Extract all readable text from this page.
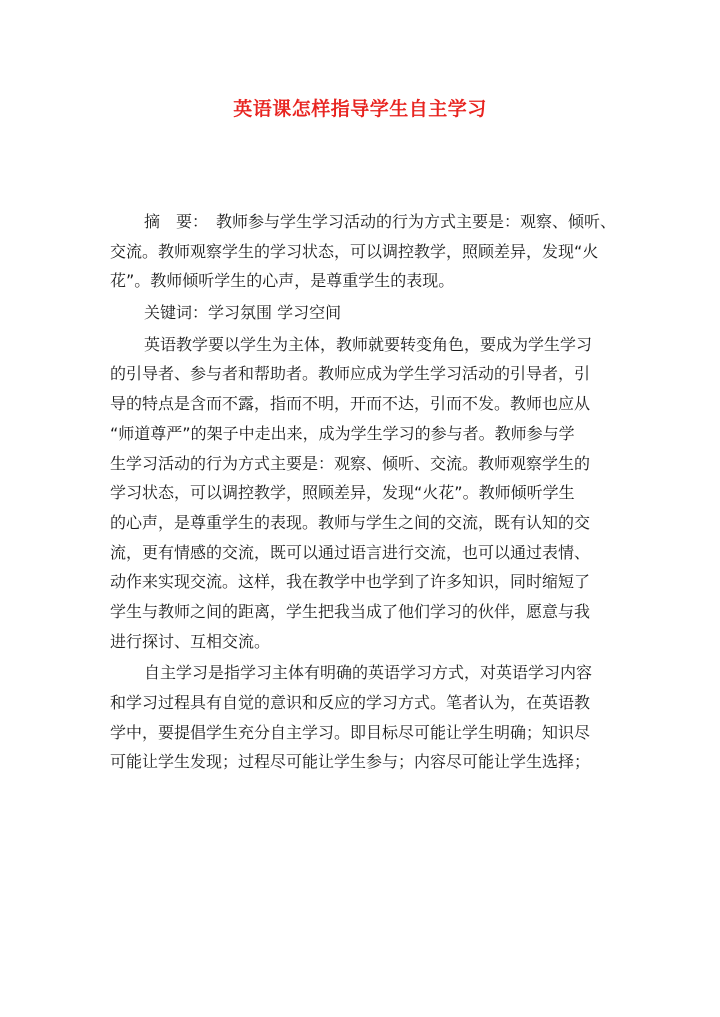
英语课怎样指导学生自主学习
摘　要：　教师参与学生学习活动的行为方式主要是：观察、倾听、
交流。教师观察学生的学习状态，可以调控教学，照顾差异，发现“火
花”。教师倾听学生的心声，是尊重学生的表现。
关键词：学习氛围 学习空间
英语教学要以学生为主体，教师就要转变角色，要成为学生学习
的引导者、参与者和帮助者。教师应成为学生学习活动的引导者，引
导的特点是含而不露，指而不明，开而不达，引而不发。教师也应从
“师道尊严”的架子中走出来，成为学生学习的参与者。教师参与学
生学习活动的行为方式主要是：观察、倾听、交流。教师观察学生的
学习状态，可以调控教学，照顾差异，发现“火花”。教师倾听学生
的心声，是尊重学生的表现。教师与学生之间的交流，既有认知的交
流，更有情感的交流，既可以通过语言进行交流，也可以通过表情、
动作来实现交流。这样，我在教学中也学到了许多知识，同时缩短了
学生与教师之间的距离，学生把我当成了他们学习的伙伴，愿意与我
进行探讨、互相交流。
自主学习是指学习主体有明确的英语学习方式，对英语学习内容
和学习过程具有自觉的意识和反应的学习方式。笔者认为，在英语教
学中，要提倡学生充分自主学习。即目标尽可能让学生明确；知识尽
可能让学生发现；过程尽可能让学生参与；内容尽可能让学生选择；
